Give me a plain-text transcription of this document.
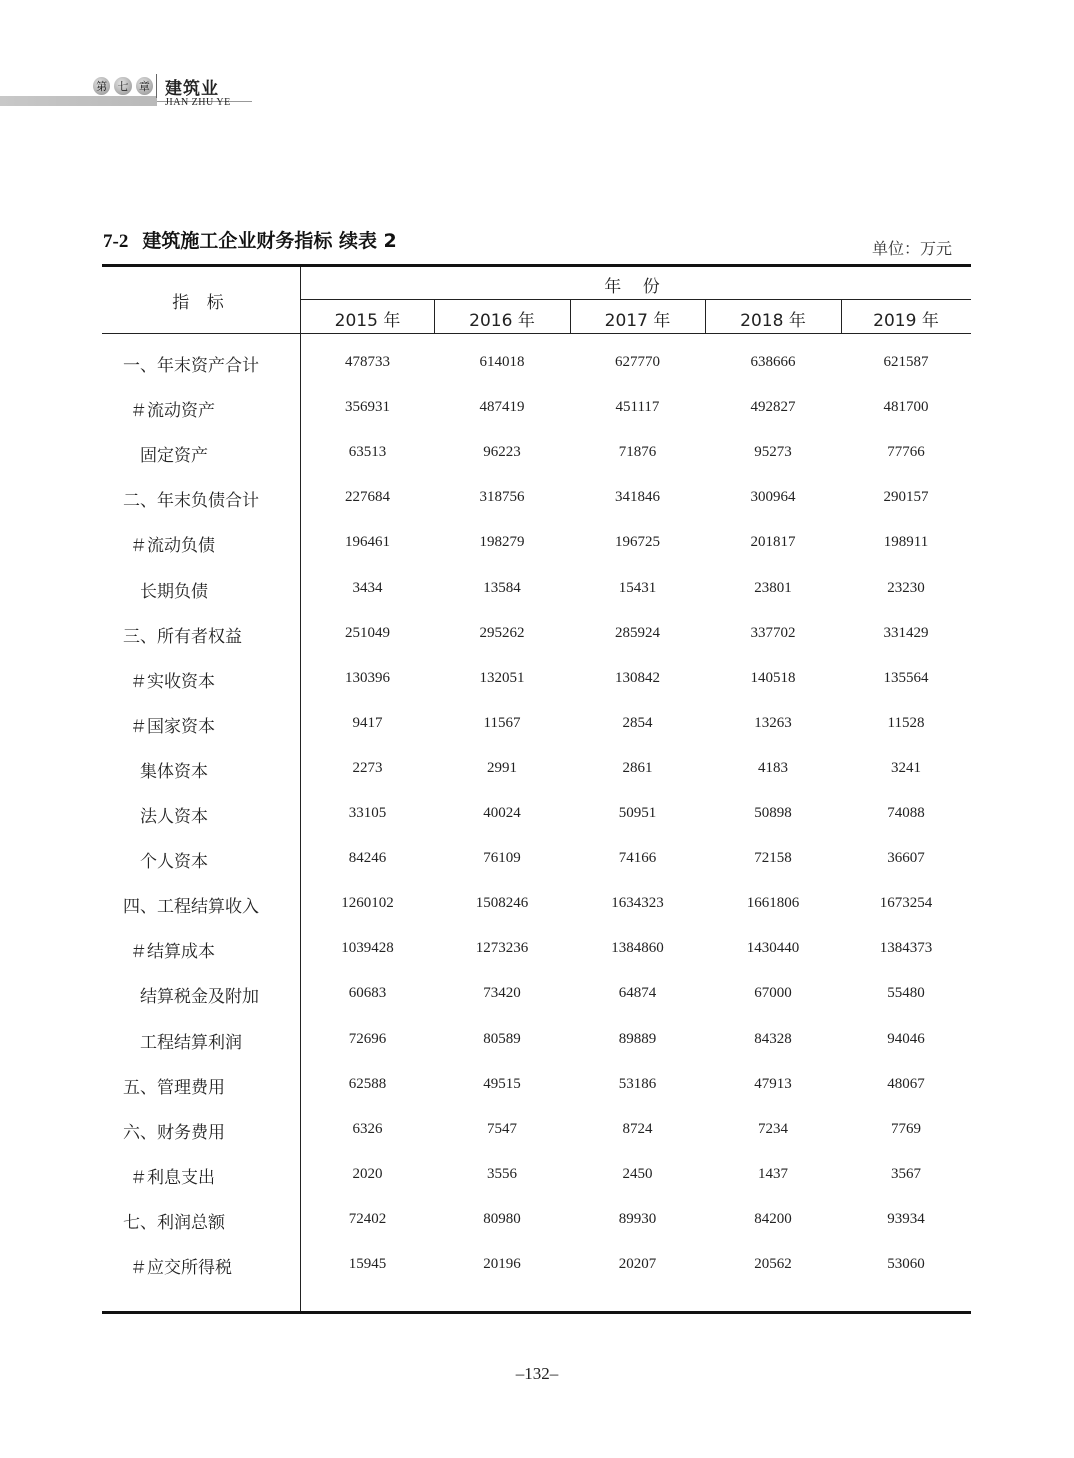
第 七 章 建筑业
JIAN ZHU YE
7-2 建筑施工企业财务指标 续表 2	单位：万元
指 标
年 份
2015 年	2016 年	2017 年	2018 年	2019 年
一、年末资产合计	478733	614018	627770	638666	621587
＃流动资产	356931	487419	451117	492827	481700
固定资产	63513	96223	71876	95273	77766
二、年末负债合计	227684	318756	341846	300964	290157
＃流动负债	196461	198279	196725	201817	198911
长期负债	3434	13584	15431	23801	23230
三、所有者权益	251049	295262	285924	337702	331429
＃实收资本	130396	132051	130842	140518	135564
＃国家资本	9417	11567	2854	13263	11528
集体资本	2273	2991	2861	4183	3241
法人资本	33105	40024	50951	50898	74088
个人资本	84246	76109	74166	72158	36607
四、工程结算收入	1260102	1508246	1634323	1661806	1673254
＃结算成本	1039428	1273236	1384860	1430440	1384373
结算税金及附加	60683	73420	64874	67000	55480
工程结算利润	72696	80589	89889	84328	94046
五、管理费用	62588	49515	53186	47913	48067
六、财务费用	6326	7547	8724	7234	7769
＃利息支出	2020	3556	2450	1437	3567
七、利润总额	72402	80980	89930	84200	93934
＃应交所得税	15945	20196	20207	20562	53060
–132–
